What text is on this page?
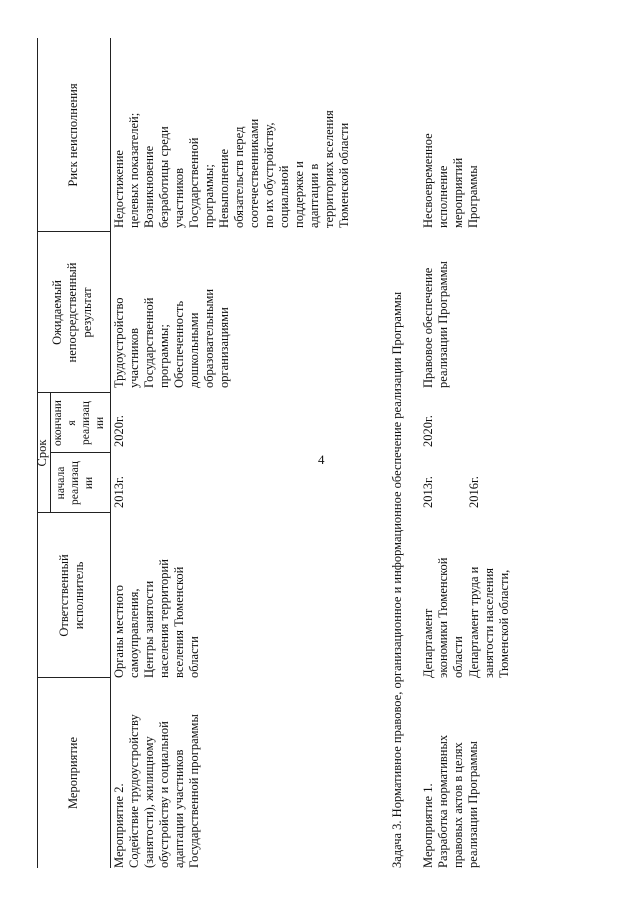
4
Мероприятие
Ответственный
исполнитель
Срок
начала
реализац
ии
окончани
я
реализац
ии
Ожидаемый
непосредственный
результат
Риск неисполнения
Мероприятие 2.
Содействие трудоустройству
(занятости), жилищному
обустройству и социальной
адаптации участников
Государственной программы
Органы местного
самоуправления,
Центры занятости
населения территорий
вселения Тюменской
области
2013г.
2020г.
Трудоустройство
участников
Государственной
программы;
Обеспеченность
дошкольными
образовательными
организациями
Недостижение
целевых показателей;
Возникновение
безработицы среди
участников
Государственной
программы;
Невыполнение
обязательств перед
соотечественниками
по их обустройству,
социальной
поддержке и
адаптации в
территориях вселения
Тюменской области
Задача 3. Нормативное правовое, организационное и информационное обеспечение реализации Программы Мероприятие 1.
Разработка нормативных
правовых актов в целях
реализации Программы
Департамент
экономики Тюменской
области Департамент труда и
занятости населения
Тюменской области,
2013г.	2016г.
2020г.
Правовое обеспечение
реализации Программы
Несвоевременное
исполнение
мероприятий
Программы
